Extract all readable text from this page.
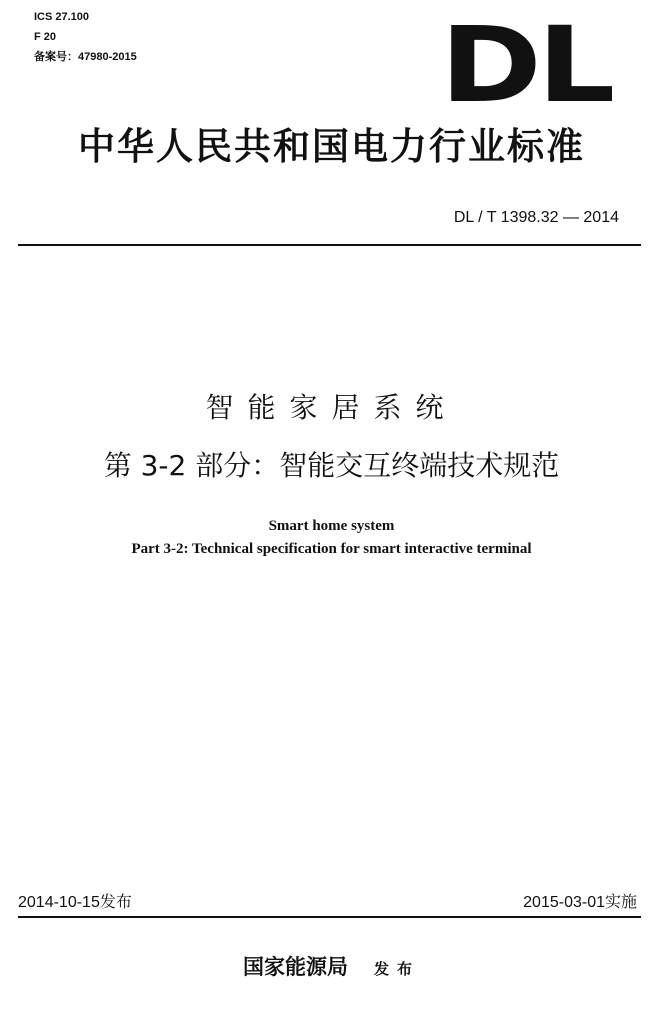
ICS 27.100
F 20
备案号：47980-2015	DL
中华人民共和国电力行业标准
DL / T 1398.32 — 2014
智能家居系统
第 3-2 部分：智能交互终端技术规范
Smart home system
Part 3-2: Technical specification for smart interactive terminal
2014-10-15发布	2015-03-01实施
国家能源局 发布
